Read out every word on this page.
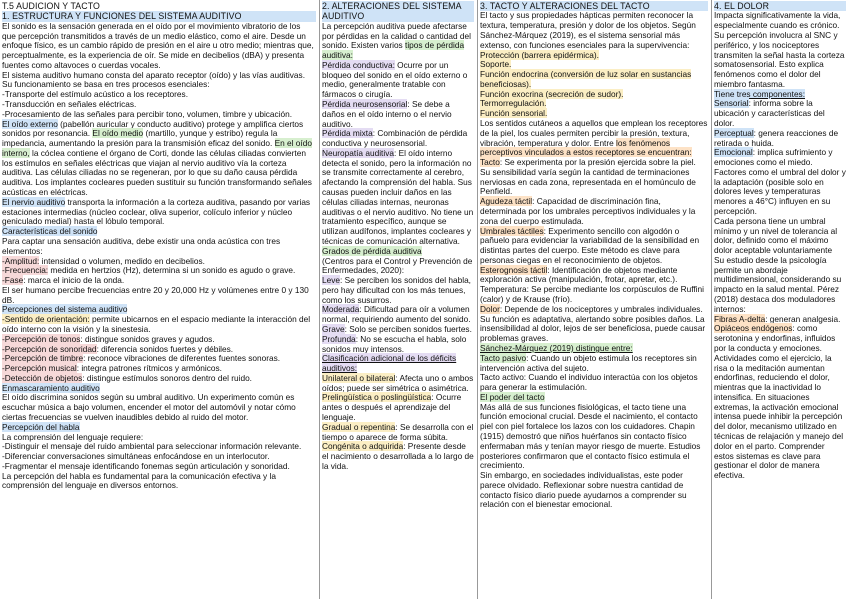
T.5 AUDICION Y TACTO
1. ESTRUCTURA Y FUNCIONES DEL SISTEMA AUDITIVO

El sonido es la sensación generada en el oído por el movimiento vibratorio de los que percepción transmitidos a través de un medio elástico, como el aire. Desde un enfoque físico, es un cambio rápido de presión en el aire u otro medio; mientras que, perceptualmente, es la experiencia de oír. Se mide en decibelios (dBA) y presenta fuentes como altavoces o cuerdas vocales.

El sistema auditivo humano consta del aparato receptor (oído) y las vías auditivas. Su funcionamiento se basa en tres procesos esenciales:

-Transporte del estímulo acústico a los receptores.

-Transducción en señales eléctricas.

-Procesamiento de las señales para percibir tono, volumen, timbre y ubicación.

El oído externo (pabellón auricular y conducto auditivo) protege y amplifica ciertos sonidos por resonancia. El oído medio (martillo, yunque y estribo) regula la impedancia, aumentando la presión para la transmisión eficaz del sonido. En el oído interno, la cóclea contiene el órgano de Corti, donde las células ciliadas convierten los estímulos en señales eléctricas que viajan al nervio auditivo vía la corteza auditiva. Las células ciliadas no se regeneran, por lo que su daño causa pérdida auditiva. Los implantes cocleares pueden sustituir su función transformando señales acústicas en eléctricas.

El nervio auditivo transporta la información a la corteza auditiva, pasando por varias estaciones intermedias (núcleo coclear, oliva superior, colículo inferior y núcleo geniculado medial) hasta el lóbulo temporal.

Características del sonido

Para captar una sensación auditiva, debe existir una onda acústica con tres elementos:

-Amplitud: intensidad o volumen, medido en decibelios.

-Frecuencia: medida en hertzios (Hz), determina si un sonido es agudo o grave.

-Fase: marca el inicio de la onda.

El ser humano percibe frecuencias entre 20 y 20,000 Hz y volúmenes entre 0 y 130 dB.

Percepciones del sistema auditivo

-Sentido de orientación: permite ubicarnos en el espacio mediante la interacción del oído interno con la visión y la sinestesia.

-Percepción de tonos: distingue sonidos graves y agudos.

-Percepción de sonoridad: diferencia sonidos fuertes y débiles.

-Percepción de timbre: reconoce vibraciones de diferentes fuentes sonoras.

-Percepción musical: integra patrones rítmicos y armónicos.

-Detección de objetos: distingue estímulos sonoros dentro del ruido.

Enmascaramiento auditivo

El oído discrimina sonidos según su umbral auditivo. Un experimento común es escuchar música a bajo volumen, encender el motor del automóvil y notar cómo ciertas frecuencias se vuelven inaudibles debido al ruido del motor.

Percepción del habla

La comprensión del lenguaje requiere:

-Distinguir el mensaje del ruido ambiental para seleccionar información relevante.

-Diferenciar conversaciones simultáneas enfocándose en un interlocutor.

-Fragmentar el mensaje identificando fonemas según articulación y sonoridad.

La percepción del habla es fundamental para la comunicación efectiva y la comprensión del lenguaje en diversos entornos.

2. ALTERACIONES DEL SISTEMA AUDITIVO

La percepción auditiva puede afectarse por pérdidas en la calidad o cantidad del sonido. Existen varios tipos de pérdida auditiva:

Pérdida conductiva: Ocurre por un bloqueo del sonido en el oído externo o medio, generalmente tratable con fármacos o cirugía.

Pérdida neurosensorial: Se debe a daños en el oído interno o el nervio auditivo.

Pérdida mixta: Combinación de pérdida conductiva y neurosensorial.

Neuropatía auditiva: El oído interno detecta el sonido, pero la información no se transmite correctamente al cerebro, afectando la comprensión del habla. Sus causas pueden incluir daños en las células ciliadas internas, neuronas auditivas o el nervio auditivo. No tiene un tratamiento específico, aunque se utilizan audífonos, implantes cocleares y técnicas de comunicación alternativa.

Grados de pérdida auditiva

(Centros para el Control y Prevención de Enfermedades, 2020):

Leve: Se perciben los sonidos del habla, pero hay dificultad con los más tenues, como los susurros.

Moderada: Dificultad para oír a volumen normal, requiriendo aumento del sonido.

Grave: Solo se perciben sonidos fuertes.

Profunda: No se escucha el habla, solo sonidos muy intensos.

Clasificación adicional de los déficits auditivos:

Unilateral o bilateral: Afecta uno o ambos oídos; puede ser simétrica o asimétrica.

Prelingüística o poslingüística: Ocurre antes o después el aprendizaje del lenguaje.

Gradual o repentina: Se desarrolla con el tiempo o aparece de forma súbita.

Congénita o adquirida: Presente desde el nacimiento o desarrollada a lo largo de la vida.

3. TACTO Y ALTERACIONES DEL TACTO

El tacto y sus propiedades hápticas permiten reconocer la textura, temperatura, presión y dolor de los objetos. Según Sánchez-Márquez (2019), es el sistema sensorial más extenso, con funciones esenciales para la supervivencia:

Protección (barrera epidérmica).

Soporte.

Función endocrina (conversión de luz solar en sustancias beneficiosas).

Función exocrina (secreción de sudor).

Termorregulación.

Función sensorial.

Los sentidos cutáneos a aquellos que emplean los receptores de la piel, los cuales permiten percibir la presión, textura, vibración, temperatura y dolor. Entre los fenómenos perceptivos vinculados a estos receptores se encuentran:

Tacto: Se experimenta por la presión ejercida sobre la piel. Su sensibilidad varía según la cantidad de terminaciones nerviosas en cada zona, representada en el homúnculo de Penfield.

Agudeza táctil: Capacidad de discriminación fina, determinada por los umbrales perceptivos individuales y la zona del cuerpo estimulada.

Umbrales táctiles: Experimento sencillo con algodón o pañuelo para evidenciar la variabilidad de la sensibilidad en distintas partes del cuerpo. Este método es clave para personas ciegas en el reconocimiento de objetos.

Esterognosis táctil: Identificación de objetos mediante exploración activa (manipulación, frotar, apretar, etc.).

Temperatura: Se percibe mediante los corpúsculos de Ruffini (calor) y de Krause (frío).

Dolor: Depende de los nociceptores y umbrales individuales. Su función es adaptativa, alertando sobre posibles daños. La insensibilidad al dolor, lejos de ser beneficiosa, puede causar problemas graves.

Sánchez-Márquez (2019) distingue entre:

Tacto pasivo: Cuando un objeto estimula los receptores sin intervención activa del sujeto.

Tacto activo: Cuando el individuo interactúa con los objetos para generar la estimulación.

El poder del tacto

Más allá de sus funciones fisiológicas, el tacto tiene una función emocional crucial. Desde el nacimiento, el contacto piel con piel fortalece los lazos con los cuidadores. Chapin (1915) demostró que niños huérfanos sin contacto físico enfermaban más y tenían mayor riesgo de muerte. Estudios posteriores confirmaron que el contacto físico estimula el crecimiento.

Sin embargo, en sociedades individualistas, este poder parece olvidado. Reflexionar sobre nuestra cantidad de contacto físico diario puede ayudarnos a comprender su relación con el bienestar emocional.

4. EL DOLOR

Impacta significativamente la vida, especialmente cuando es crónico. Su percepción involucra al SNC y periférico, y los nociceptores transmiten la señal hasta la corteza somatosensorial. Esto explica fenómenos como el dolor del miembro fantasma.

Tiene tres componentes:

Sensorial: informa sobre la ubicación y características del dolor.

Perceptual: genera reacciones de retirada o huida.

Emocional: implica sufrimiento y emociones como el miedo.

Factores como el umbral del dolor y la adaptación (posible solo en dolores leves y temperaturas menores a 46°C) influyen en su percepción.

Cada persona tiene un umbral mínimo y un nivel de tolerancia al dolor, definido como el máximo dolor aceptable voluntariamente

Su estudio desde la psicología permite un abordaje multidimensional, considerando su impacto en la salud mental. Pérez (2018) destaca dos moduladores internos:

Fibras A-delta: generan analgesia.

Opiáceos endógenos: como serotonina y endorfinas, influidos por la conducta y emociones.

Actividades como el ejercicio, la risa o la meditación aumentan endorfinas, reduciendo el dolor, mientras que la inactividad lo intensifica. En situaciones extremas, la activación emocional intensa puede inhibir la percepción del dolor, mecanismo utilizado en técnicas de relajación y manejo del dolor en el parto. Comprender estos sistemas es clave para gestionar el dolor de manera efectiva.
